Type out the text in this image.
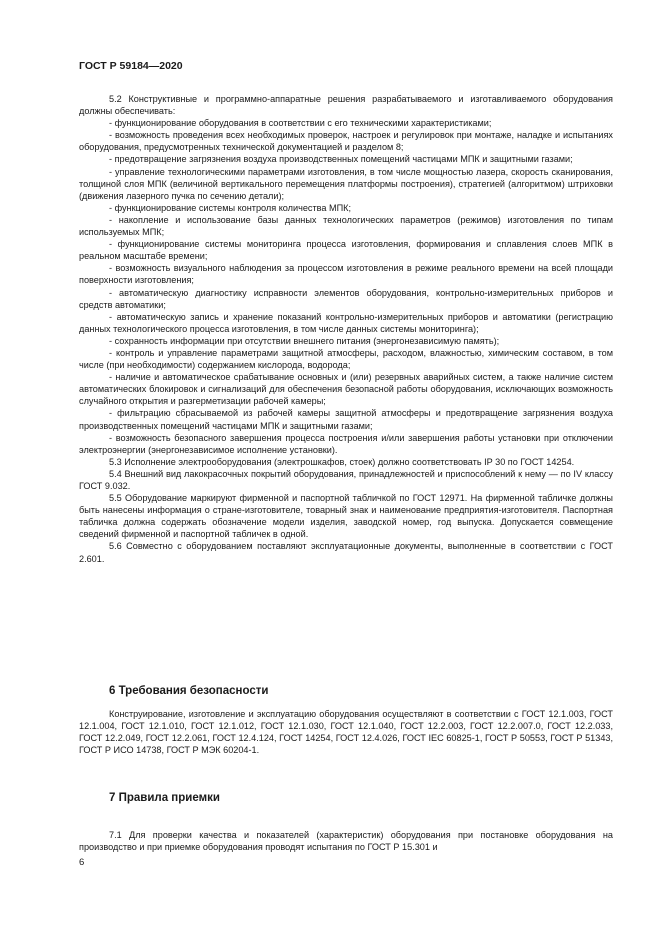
ГОСТ Р 59184—2020

5.2 Конструктивные и программно-аппаратные решения разрабатываемого и изготавливаемого оборудования должны обеспечивать:

- функционирование оборудования в соответствии с его техническими характеристиками;

- возможность проведения всех необходимых проверок, настроек и регулировок при монтаже, наладке и испытаниях оборудования, предусмотренных технической документацией и разделом 8;

- предотвращение загрязнения воздуха производственных помещений частицами МПК и защитными газами;

- управление технологическими параметрами изготовления, в том числе мощностью лазера, скорость сканирования, толщиной слоя МПК (величиной вертикального перемещения платформы построения), стратегией (алгоритмом) штриховки (движения лазерного пучка по сечению детали);

- функционирование системы контроля количества МПК;

- накопление и использование базы данных технологических параметров (режимов) изготовления по типам используемых МПК;

- функционирование системы мониторинга процесса изготовления, формирования и сплавления слоев МПК в реальном масштабе времени;

- возможность визуального наблюдения за процессом изготовления в режиме реального времени на всей площади поверхности изготовления;

- автоматическую диагностику исправности элементов оборудования, контрольно-измерительных приборов и средств автоматики;

- автоматическую запись и хранение показаний контрольно-измерительных приборов и автоматики (регистрацию данных технологического процесса изготовления, в том числе данных системы мониторинга);

- сохранность информации при отсутствии внешнего питания (энергонезависимую память);

- контроль и управление параметрами защитной атмосферы, расходом, влажностью, химическим составом, в том числе (при необходимости) содержанием кислорода, водорода;

- наличие и автоматическое срабатывание основных и (или) резервных аварийных систем, а также наличие систем автоматических блокировок и сигнализаций для обеспечения безопасной работы оборудования, исключающих возможность случайного открытия и разгерметизации рабочей камеры;

- фильтрацию сбрасываемой из рабочей камеры защитной атмосферы и предотвращение загрязнения воздуха производственных помещений частицами МПК и защитными газами;

- возможность безопасного завершения процесса построения и/или завершения работы установки при отключении электроэнергии (энергонезависимое исполнение установки).

5.3 Исполнение электрооборудования (электрошкафов, стоек) должно соответствовать IP 30 по ГОСТ 14254.

5.4 Внешний вид лакокрасочных покрытий оборудования, принадлежностей и приспособлений к нему — по IV классу ГОСТ 9.032.

5.5 Оборудование маркируют фирменной и паспортной табличкой по ГОСТ 12971. На фирменной табличке должны быть нанесены информация о стране-изготовителе, товарный знак и наименование предприятия-изготовителя. Паспортная табличка должна содержать обозначение модели изделия, заводской номер, год выпуска. Допускается совмещение сведений фирменной и паспортной табличек в одной.

5.6 Совместно с оборудованием поставляют эксплуатационные документы, выполненные в соответствии с ГОСТ 2.601.

6 Требования безопасности

Конструирование, изготовление и эксплуатацию оборудования осуществляют в соответствии с ГОСТ 12.1.003, ГОСТ 12.1.004, ГОСТ 12.1.010, ГОСТ 12.1.012, ГОСТ 12.1.030, ГОСТ 12.1.040, ГОСТ 12.2.003, ГОСТ 12.2.007.0, ГОСТ 12.2.033, ГОСТ 12.2.049, ГОСТ 12.2.061, ГОСТ 12.4.124, ГОСТ 14254, ГОСТ 12.4.026, ГОСТ IEC 60825-1, ГОСТ Р 50553, ГОСТ Р 51343, ГОСТ Р ИСО 14738, ГОСТ Р МЭК 60204-1.

7 Правила приемки

7.1 Для проверки качества и показателей (характеристик) оборудования при постановке оборудования на производство и при приемке оборудования проводят испытания по ГОСТ Р 15.301 и

6
